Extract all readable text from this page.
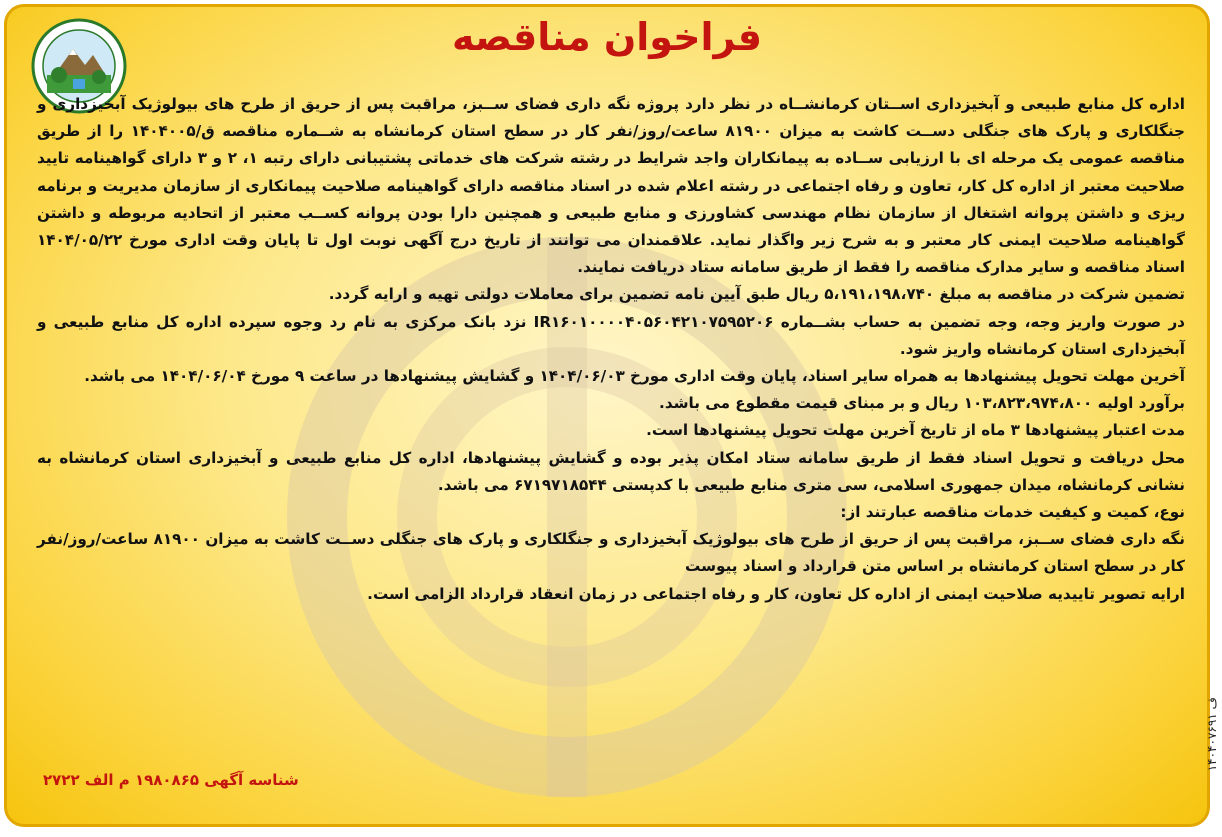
فراخوان مناقصه

اداره کل منابع طبیعی و آبخیزداری اســتان کرمانشــاه در نظر دارد پروژه نگه داری فضای ســبز، مراقبت پس از حریق از طرح های بیولوژیک آبخیزداری و جنگلکاری و پارک های جنگلی دســت کاشت به میزان ۸۱۹۰۰ ساعت/روز/نفر کار در سطح استان کرمانشاه به شــماره مناقصه ق/۱۴۰۴۰۰۵ را از طریق مناقصه عمومی یک مرحله ای با ارزیابی ســاده به پیمانکاران واجد شرایط در رشته شرکت های خدماتی پشتیبانی دارای رتبه ۱، ۲ و ۳ دارای گواهینامه تایید صلاحیت معتبر از اداره کل کار، تعاون و رفاه اجتماعی در رشته اعلام شده در اسناد مناقصه دارای گواهینامه صلاحیت پیمانکاری از سازمان مدیریت و برنامه ریزی و داشتن پروانه اشتغال از سازمان نظام مهندسی کشاورزی و منابع طبیعی و همچنین دارا بودن پروانه کســب معتبر از اتحادیه مربوطه و داشتن گواهینامه صلاحیت ایمنی کار معتبر و به شرح زیر واگذار نماید. علاقمندان می توانند از تاریخ درج آگهی نوبت اول تا پایان وقت اداری مورخ ۱۴۰۴/۰۵/۲۲ اسناد مناقصه و سایر مدارک مناقصه را فقط از طریق سامانه ستاد دریافت نمایند.

تضمین شرکت در مناقصه به مبلغ ۵،۱۹۱،۱۹۸،۷۴۰ ریال طبق آیین نامه تضمین برای معاملات دولتی تهیه و ارایه گردد.

در صورت واریز وجه، وجه تضمین به حساب بشــماره IR۱۶۰۱۰۰۰۰۴۰۵۶۰۴۲۱۰۷۵۹۵۲۰۶ نزد بانک مرکزی به نام رد وجوه سپرده اداره کل منابع طبیعی و آبخیزداری استان کرمانشاه واریز شود.

آخرین مهلت تحویل پیشنهادها به همراه سایر اسناد، پایان وقت اداری مورخ ۱۴۰۴/۰۶/۰۳ و گشایش پیشنهادها در ساعت ۹ مورخ ۱۴۰۴/۰۶/۰۴ می باشد.

برآورد اولیه ۱۰۳،۸۲۳،۹۷۴،۸۰۰ ریال و بر مبنای قیمت مقطوع می باشد.

مدت اعتبار پیشنهادها ۳ ماه از تاریخ آخرین مهلت تحویل پیشنهادها است.

محل دریافت و تحویل اسناد فقط از طریق سامانه ستاد امکان پذیر بوده و گشایش پیشنهادها، اداره کل منابع طبیعی و آبخیزداری استان کرمانشاه به نشانی کرمانشاه، میدان جمهوری اسلامی، سی متری منابع طبیعی با کدپستی ۶۷۱۹۷۱۸۵۴۴ می باشد.

نوع، کمیت و کیفیت خدمات مناقصه عبارتند از:

نگه داری فضای ســبز، مراقبت پس از حریق از طرح های بیولوژیک آبخیزداری و جنگلکاری و پارک های جنگلی دســت کاشت به میزان ۸۱۹۰۰ ساعت/روز/نفر کار در سطح استان کرمانشاه بر اساس متن قرارداد و اسناد پیوست

ارایه تصویر تاییدیه صلاحیت ایمنی از اداره کل تعاون، کار و رفاه اجتماعی در زمان انعقاد قرارداد الزامی است.

شناسه آگهی ۱۹۸۰۸۶۵ م الف ۲۷۲۲
۱۴۰۴۰۷۶۹۱ ف
